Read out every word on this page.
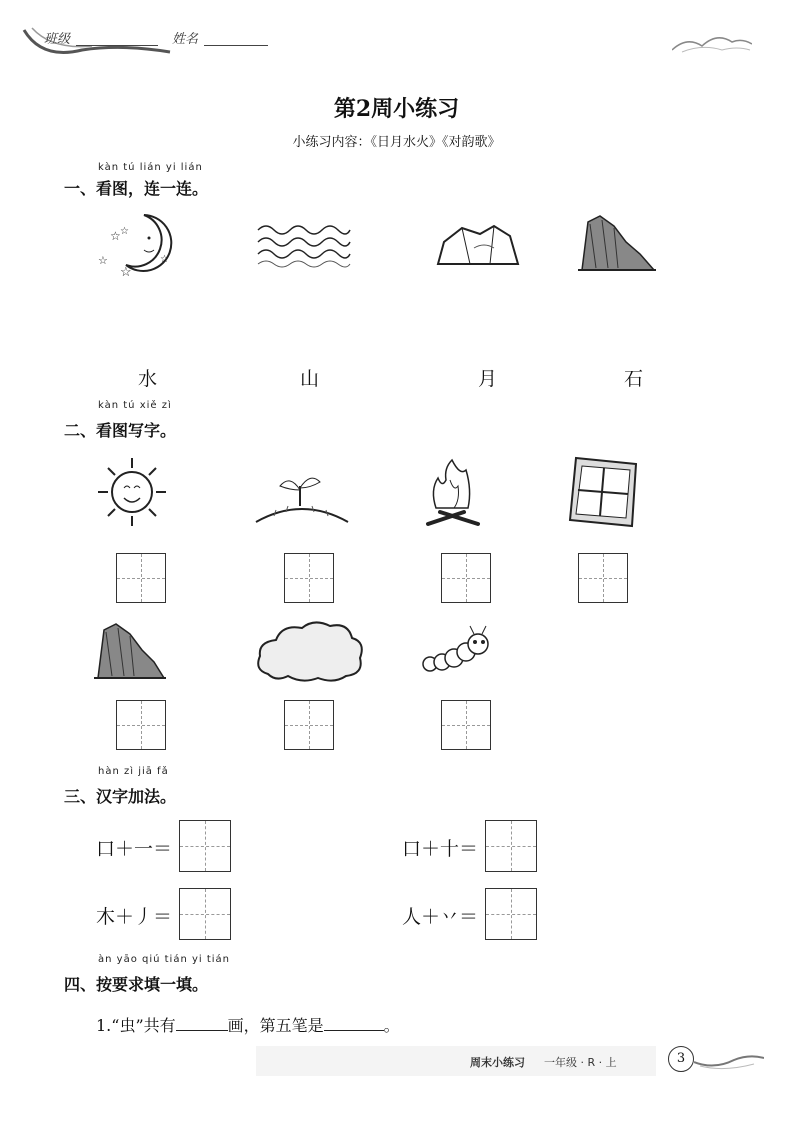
班级	姓名
第2周小练习
小练习内容：《日月水火》《对韵歌》
kàn tú lián yi lián
一、看图，连一连。
☆ ☆
☆
☆
☆
水	山	月	石
kàn tú xiě zì
二、看图写字。
hàn zì jiā fǎ
三、汉字加法。
口＋一＝	口＋十＝
木＋丿＝	人＋丷＝
àn yāo qiú tián yi tián
四、按要求填一填。
1.“虫”共有	画，第五笔是	。
周末小练习 一年级 · R · 上	3
